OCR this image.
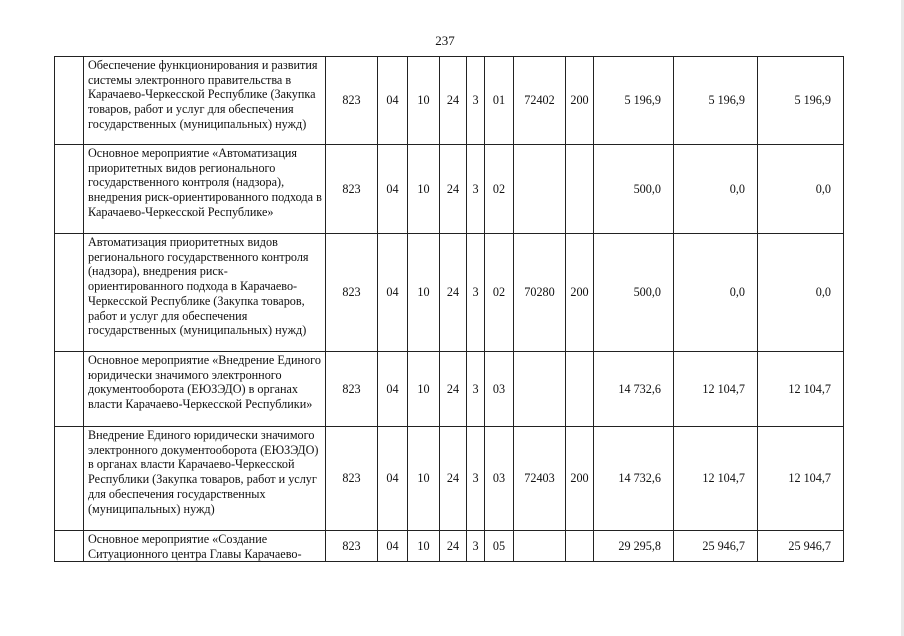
237
	Обеспечение функционирования и развития системы электронного правительства в Карачаево-Черкесской Республике (Закупка товаров, работ и услуг для обеспечения государственных (муниципальных) нужд)	823	04	10	24	3	01	72402	200	5 196,9	5 196,9	5 196,9
	Основное мероприятие «Автоматизация приоритетных видов регионального государственного контроля (надзора), внедрения риск-ориентированного подхода в Карачаево-Черкесской Республике»	823	04	10	24	3	02			500,0	0,0	0,0
	Автоматизация приоритетных видов регионального государственного контроля (надзора), внедрения риск-ориентированного подхода в Карачаево-Черкесской Республике (Закупка товаров, работ и услуг для обеспечения государственных (муниципальных) нужд)	823	04	10	24	3	02	70280	200	500,0	0,0	0,0
	Основное мероприятие «Внедрение Единого юридически значимого электронного документооборота (ЕЮЗЭДО) в органах власти Карачаево-Черкесской Республики»	823	04	10	24	3	03			14 732,6	12 104,7	12 104,7
	Внедрение Единого юридически значимого электронного документооборота (ЕЮЗЭДО) в органах власти Карачаево-Черкесской Республики (Закупка товаров, работ и услуг для обеспечения государственных (муниципальных) нужд)	823	04	10	24	3	03	72403	200	14 732,6	12 104,7	12 104,7
	Основное мероприятие «Создание Ситуационного центра Главы Карачаево-	823	04	10	24	3	05			29 295,8	25 946,7	25 946,7
